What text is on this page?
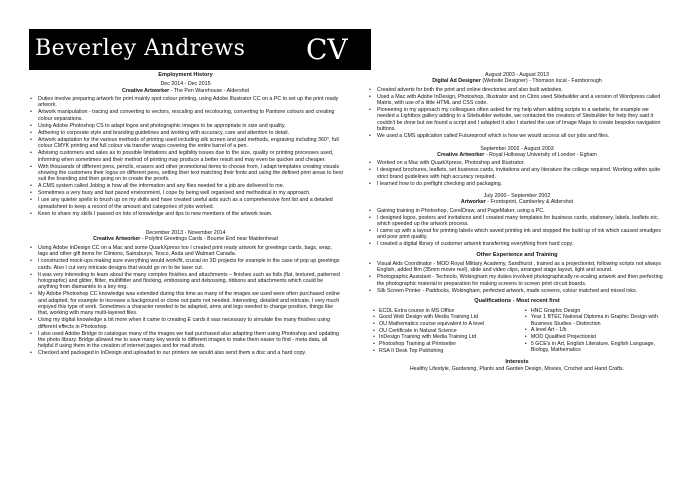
Beverley Andrews CV
Employment History
Dec 2014 - Dec 2015
Creative Artworker - The Pen Warehouse - Aldershot
• Duties involve preparing artwork for print mainly spot colour printing, using Adobe Illustrator CC on a PC to set up the print ready artwork.
• Artwork manipulation - tracing and converting to vectors, rescaling and recolouring, converting to Pantone colours and creating colour separations.
• Using Adobe Photoshop CS to adapt logos and photographic images to be appropriate in size and quality.
• Adhering to corporate style and branding guidelines and working with accuracy, care and attention to detail.
• Artwork adaptation for the various methods of printing used including silk screen and pad methods, engraving including 360°, full colour CMYK printing and full colour via transfer wraps covering the entire barrel of a pen.
• Advising customers and sales as to possible limitations and legibility issues due to the size, quality or printing processes used, informing when sometimes and their method of printing may produce a better result and may even be quicker and cheaper.
• With thousands of different pens, pencils, erasers and other promotional items to choose from, I adapt templates creating visuals showing the customers their logos on different pens, setting their text matching their fonts and using the defined print areas to best suit the branding and then going on to create the proofs.
• A CMS system called Joblog is how all the information and any files needed for a job are delivered to me.
• Sometimes a very busy and fast paced environment, I cope by being well organised and methodical in my approach.
• I use any quieter spells to brush up on my skills and have created useful aids such as a comprehensive font list and a detailed spreadsheet to keep a record of the amount and categories of jobs worked.
• Keen to share my skills I passed on lots of knowledge and tips to new members of the artwork team.
December 2013 - November 2014
Creative Artworker - Polyfint Greetings Cards - Bourne End near Maidenhead
• Using Adobe InDesign CC on a Mac and some QuarkXpress too I created print ready artwork for greetings cards, bags, wrap, tags and other gift items for Clintons, Sainsburys, Tesco, Asda and Walmart Canada.
• I constructed mock-ups making sure everything would work/fit, crucial on 3D projects for example in the case of pop up greetings cards. Also I cut very intricate designs that would go on to be laser cut.
• It was very interesting to learn about the many complex finishes and attachments – finishes such as foils (flat, textured, patterned holographic) and glitter, flitter, multiflitter and flocking, embossing and debossing, ribbons and attachments which could be anything from diamantés to a key ring.
• My Adobe Photoshop CC knowledge was extended during this time as many of the images we used were often purchased online and adapted, for example to increase a background or clone out parts not needed. Interesting, detailed and intricate, I very much enjoyed this type of work. Sometimes a character needed to be adapted, arms and legs needed to change position, things like that, working with many multi-layered files.
• Using my digital knowledge a bit more when it came to creating E cards it was necessary to simulate the many finishes using different effects in Photoshop.
• I also used Adobe Bridge to catalogue many of the images we had purchased also adapting them using Photoshop and updating the photo library. Bridge allowed me to save many key words to different images to make them easier to find - meta data, all helpful if using them in the creation of internet pages and for mail shots.
• Checked and packaged in InDesign and uploaded to our printers we would also send them a disc and a hard copy.
August 2003 - August 2013
Digital Ad Designer (Website Designer) - Thomson local - Farnborough
• Created adverts for both the print and online directories and also built websites.
• Used a Mac with Adobe InDesign, Photoshop, Illustrator and on Citrix used Sitebuilder and a version of Wordpress called Matrix, with use of a little HTML and CSS code.
• Pioneering in my approach my colleagues often asked for my help when adding scripts to a website, for example we needed a Lightbox gallery adding to a Sitebuilder website, we contacted the creators of Sitebuilder for help they said it couldn't be done but we found a script and I adapted it also I started the use of Image Maps to create bespoke navigation buttons.
• We used a CMS application called Futureproof which is how we would access all our jobs and files.
September 2002 - August 2003
Creative Artworker - Royal Holloway University of London - Egham
• Worked on a Mac with QuarkXpress, Photoshop and Illustrator.
• I designed brochures, leaflets, set business cards, invitations and any literature the college required. Working within quite strict brand guidelines with high accuracy required.
• I learned how to do preflight checking and packaging.
July 2000 - September 2002
Artworker - Frontsprint, Camberley & Aldershot
• Gaining training in Photoshop, CorelDraw, and PageMaker, using a PC.
• I designed logos, posters and invitations and I created many templates for business cards, stationery, labels, leaflets etc. which speeded up the artwork process.
• I came up with a layout for printing labels which saved printing ink and stopped the build up of ink which caused smudges and poor print quality.
• I created a digital library of customer artwork transferring everything from hard copy.
Other Experience and Training
• Visual Aids Coordinator - MOD Royal Military Academy, Sandhurst , trained as a projectionist, following scripts not always English, added film (35mm movie reel), slide and video clips, arranged stage layout, light and sound.
• Photographic Assistant - Technolo, Wokingham my duties involved photographically re-scaling artwork and then perfecting the photographic material in preparation for making screens to screen print circuit boards.
• Silk Screen Printer - Paddocks, Wokingham, perfected artwork, made screens, colour matched and mixed inks.
Qualifications - Most recent first
• ECDL Extra course in MS Office
• Good Web Design with Media Training Ltd
• OU Mathematics course equivalent to A level
• OU Certificate in Natural Science
• InDesign Training with Media Training Ltd
• Photoshop Training at Printsetter
• RSA II Desk Top Publishing
• HNC Graphic Design
• Year 1 BTEC National Diploma in Graphic Design with Business Studies - Distinction
• A level Art - 1/b
• MOD Qualified Projectionist
• 5 GCE's in Art, English Literature, English Language, Biology, Mathematics
Interests
Healthy Lifestyle, Gardening, Plants and Garden Design, Movies, Crochet and Hand Crafts.
